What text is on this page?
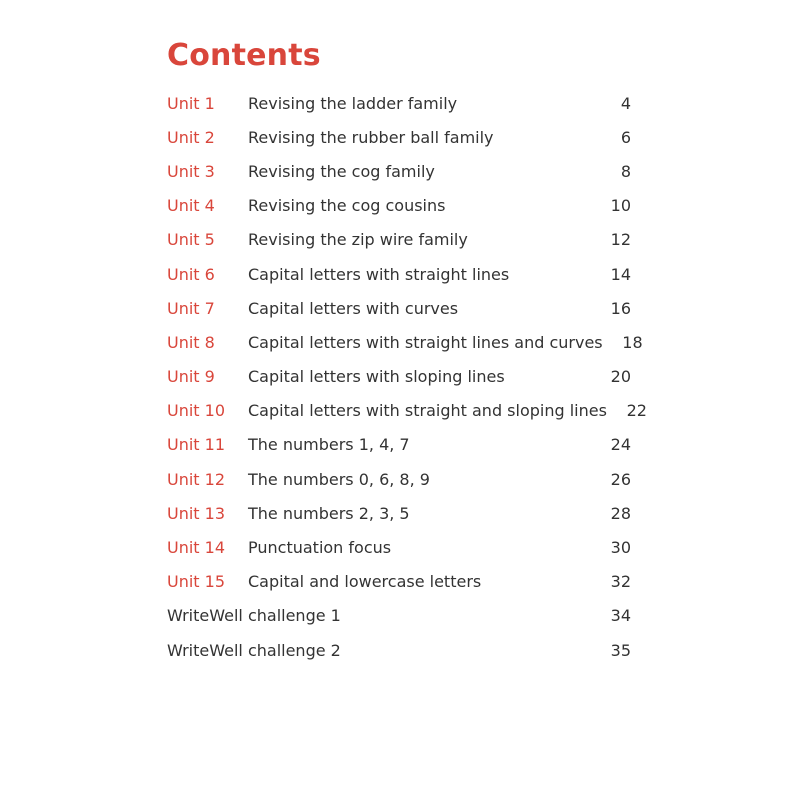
Contents
Unit 1	Revising the ladder family	4
Unit 2	Revising the rubber ball family	6
Unit 3	Revising the cog family	8
Unit 4	Revising the cog cousins	10
Unit 5	Revising the zip wire family	12
Unit 6	Capital letters with straight lines	14
Unit 7	Capital letters with curves	16
Unit 8	Capital letters with straight lines and curves	18
Unit 9	Capital letters with sloping lines	20
Unit 10	Capital letters with straight and sloping lines	22
Unit 11	The numbers 1, 4, 7	24
Unit 12	The numbers 0, 6, 8, 9	26
Unit 13	The numbers 2, 3, 5	28
Unit 14	Punctuation focus	30
Unit 15	Capital and lowercase letters	32
WriteWell challenge 1	34
WriteWell challenge 2	35
